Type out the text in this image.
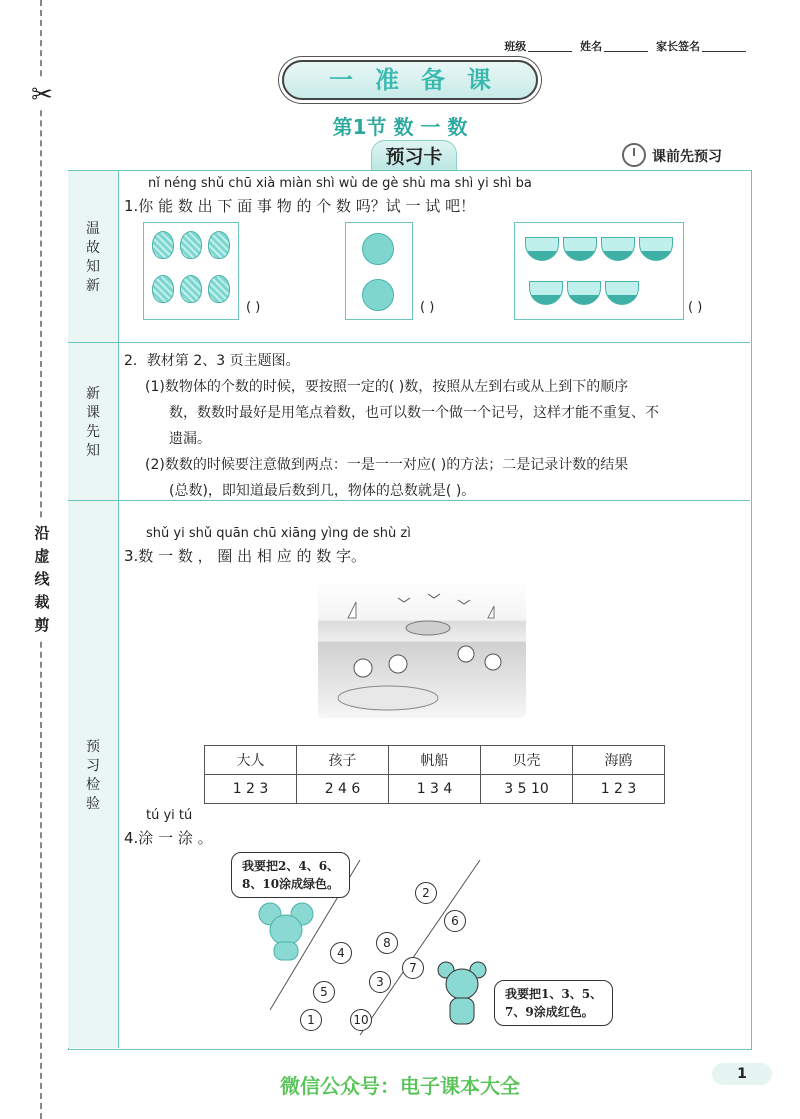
✂
沿虚线裁剪
班级	姓名	家长签名
一准备课
第1节 数 一 数
预习卡	课前先预习
温故知新
新课先知
预习检验
nǐ néng shǔ chū xià miàn shì wù de gè shù ma shì yi shì ba
1.你 能 数 出 下 面 事 物 的 个 数 吗？试 一 试 吧！
( )	( )	( )
2．教材第 2、3 页主题图。
(1)数物体的个数的时候，要按照一定的( )数，按照从左到右或从上到下的顺序
数，数数时最好是用笔点着数，也可以数一个做一个记号，这样才能不重复、不
遗漏。
(2)数数的时候要注意做到两点：一是一一对应( )的方法；二是记录计数的结果
(总数)，即知道最后数到几，物体的总数就是( )。
shǔ yi shǔ quān chū xiāng yìng de shù zì
3.数 一 数 ， 圈 出 相 应 的 数 字。
大人	孩子	帆船	贝壳	海鸥
1 2 3	2 4 6	1 3 4	3 5 10	1 2 3
tú yi tú
4.涂 一 涂 。
我要把2、4、6、
8、10涂成绿色。
我要把1、3、5、
7、9涂成红色。
2
6
8
4
7
3
5
1	10
微信公众号：电子课本大全	1
